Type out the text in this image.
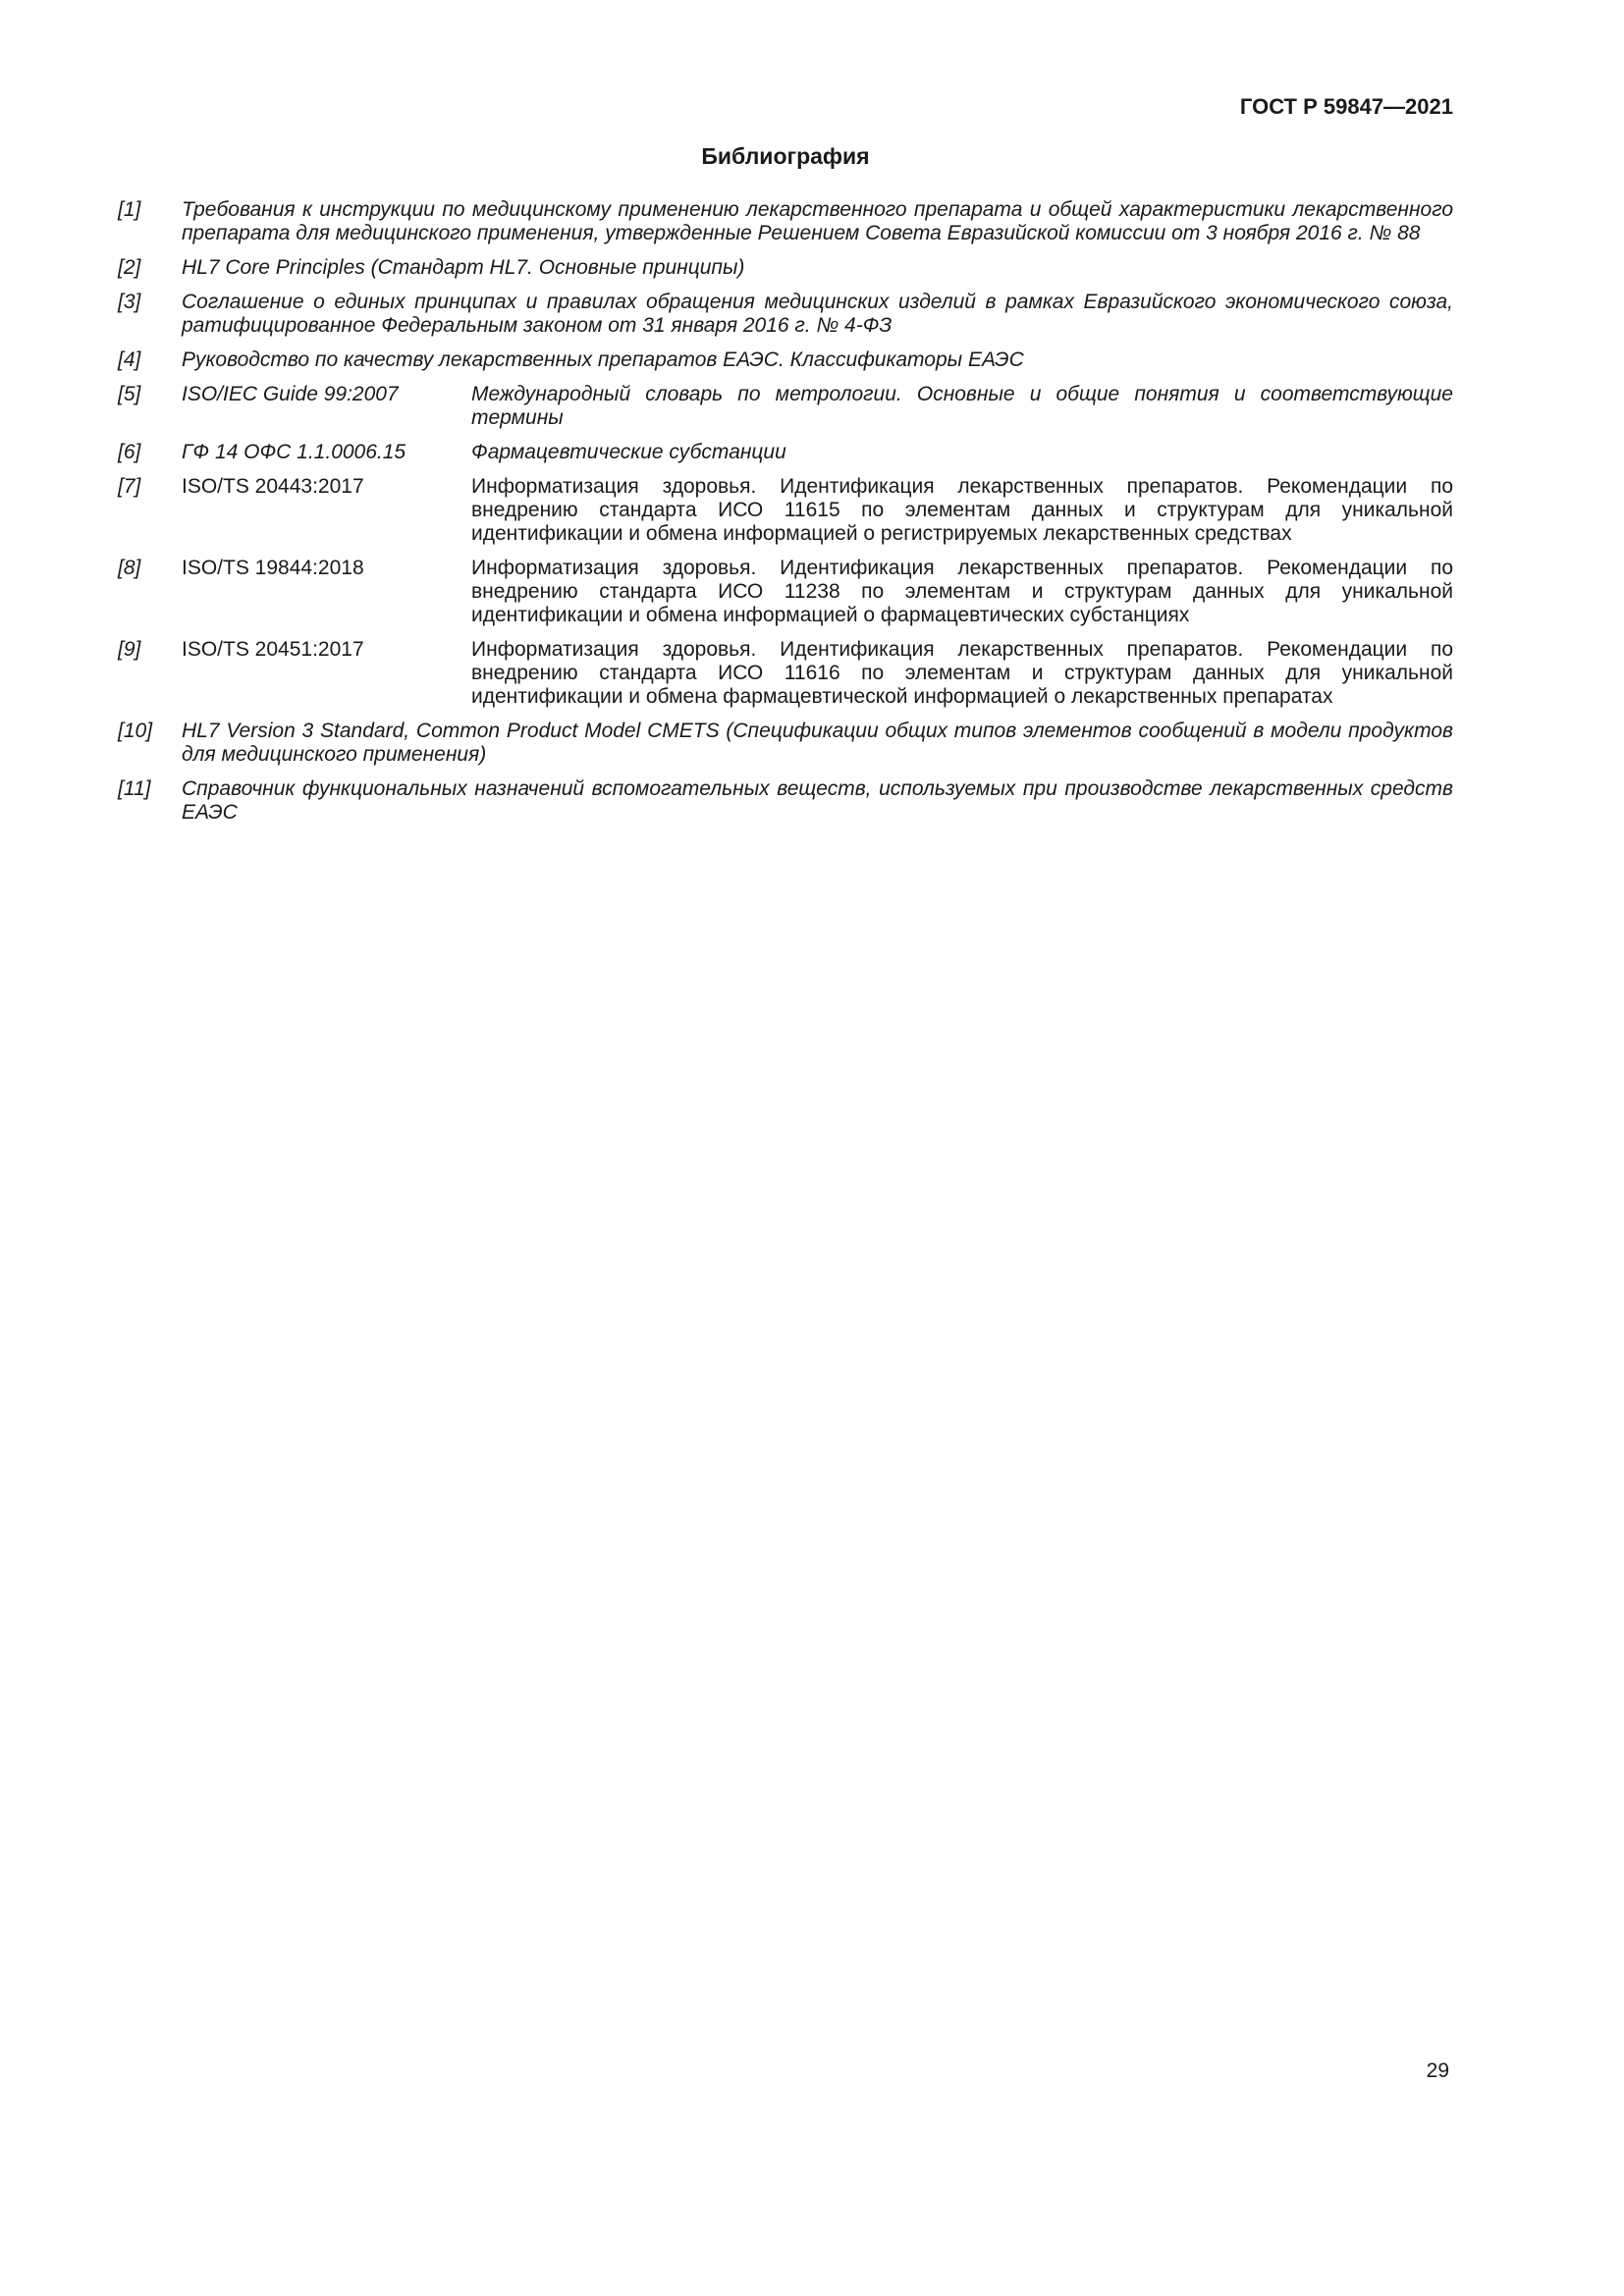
ГОСТ Р 59847—2021
Библиография
[1]	Требования к инструкции по медицинскому применению лекарственного препарата и общей характеристики лекарственного препарата для медицинского применения, утвержденные Решением Совета Евразийской комиссии от 3 ноября 2016 г. № 88
[2]	HL7 Core Principles (Стандарт HL7. Основные принципы)
[3]	Соглашение о единых принципах и правилах обращения медицинских изделий в рамках Евразийского экономического союза, ратифицированное Федеральным законом от 31 января 2016 г. № 4-ФЗ
[4]	Руководство по качеству лекарственных препаратов ЕАЭС. Классификаторы ЕАЭС
[5]	ISO/IEC Guide 99:2007	Международный словарь по метрологии. Основные и общие понятия и соответствующие термины
[6]	ГФ 14 ОФС 1.1.0006.15	Фармацевтические субстанции
[7]	ISO/TS 20443:2017	Информатизация здоровья. Идентификация лекарственных препаратов. Рекомендации по внедрению стандарта ИСО 11615 по элементам данных и структурам для уникальной идентификации и обмена информацией о регистрируемых лекарственных средствах
[8]	ISO/TS 19844:2018	Информатизация здоровья. Идентификация лекарственных препаратов. Рекомендации по внедрению стандарта ИСО 11238 по элементам и структурам данных для уникальной идентификации и обмена информацией о фармацевтических субстанциях
[9]	ISO/TS 20451:2017	Информатизация здоровья. Идентификация лекарственных препаратов. Рекомендации по внедрению стандарта ИСО 11616 по элементам и структурам данных для уникальной идентификации и обмена фармацевтической информацией о лекарственных препаратах
[10]	HL7 Version 3 Standard, Common Product Model CMETS (Спецификации общих типов элементов сообщений в модели продуктов для медицинского применения)
[11]	Справочник функциональных назначений вспомогательных веществ, используемых при производстве лекарственных средств ЕАЭС
29
